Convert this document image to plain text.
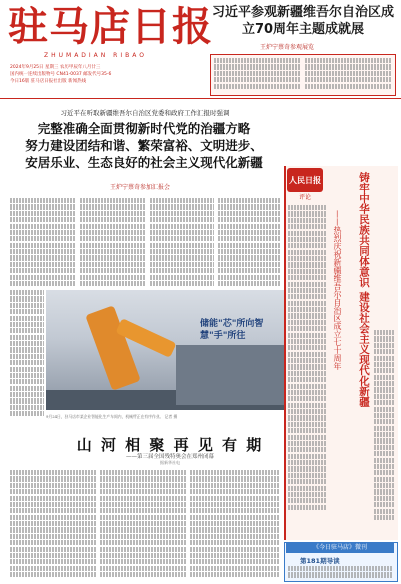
驻马店日报
ZHUMADIAN RIBAO
2024年9月25日 星期三 农历甲辰年八月廿三
国内统一连续出版物号 CN41-0037 邮发代号35-6
今日16版 驻马店日报社出版 新闻热线
习近平参观新疆维吾尔自治区成立70周年主题成就展
王炉宁蔡奇参观展览
习近平在听取新疆维吾尔自治区党委和政府工作汇报时强调
完整准确全面贯彻新时代党的治疆方略
努力建设团结和谐、繁荣富裕、文明进步、
安居乐业、生态良好的社会主义现代化新疆
王炉宁蔡奇参加汇报会
储能"芯"所向智慧"手"所往
9月24日，驻马店市某企业智能化生产车间内，机械臂正在有序作业。 记者 摄
山 河 相 聚 再 见 有 期
——第三届全国残特奥会在郑州闭幕
据新华社电
人民日报
评论	铸牢中华民族共同体意识 建设社会主义现代化新疆
——热烈庆祝新疆维吾尔自治区成立七十周年
《今日驻马店》微刊
第181期导读
